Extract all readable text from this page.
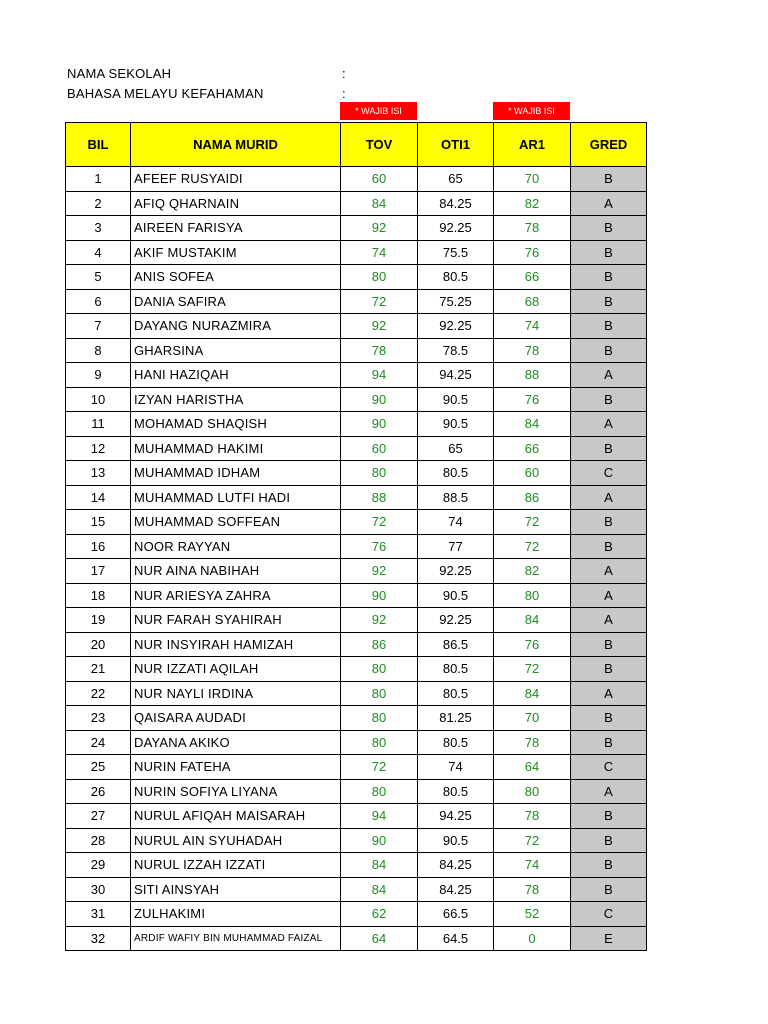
NAMA SEKOLAH	:
BAHASA MELAYU KEFAHAMAN	:
* WAJIB ISI	* WAJIB ISI
BIL	NAMA MURID	TOV	OTI1	AR1	GRED
1	AFEEF RUSYAIDI	60	65	70	B
2	AFIQ QHARNAIN	84	84.25	82	A
3	AIREEN FARISYA	92	92.25	78	B
4	AKIF MUSTAKIM	74	75.5	76	B
5	ANIS SOFEA	80	80.5	66	B
6	DANIA SAFIRA	72	75.25	68	B
7	DAYANG NURAZMIRA	92	92.25	74	B
8	GHARSINA	78	78.5	78	B
9	HANI HAZIQAH	94	94.25	88	A
10	IZYAN HARISTHA	90	90.5	76	B
11	MOHAMAD SHAQISH	90	90.5	84	A
12	MUHAMMAD HAKIMI	60	65	66	B
13	MUHAMMAD IDHAM	80	80.5	60	C
14	MUHAMMAD LUTFI HADI	88	88.5	86	A
15	MUHAMMAD SOFFEAN	72	74	72	B
16	NOOR RAYYAN	76	77	72	B
17	NUR AINA NABIHAH	92	92.25	82	A
18	NUR ARIESYA ZAHRA	90	90.5	80	A
19	NUR FARAH SYAHIRAH	92	92.25	84	A
20	NUR INSYIRAH HAMIZAH	86	86.5	76	B
21	NUR IZZATI AQILAH	80	80.5	72	B
22	NUR NAYLI IRDINA	80	80.5	84	A
23	QAISARA AUDADI	80	81.25	70	B
24	DAYANA AKIKO	80	80.5	78	B
25	NURIN FATEHA	72	74	64	C
26	NURIN SOFIYA LIYANA	80	80.5	80	A
27	NURUL AFIQAH MAISARAH	94	94.25	78	B
28	NURUL AIN SYUHADAH	90	90.5	72	B
29	NURUL IZZAH IZZATI	84	84.25	74	B
30	SITI AINSYAH	84	84.25	78	B
31	ZULHAKIMI	62	66.5	52	C
32	ARDIF WAFIY BIN MUHAMMAD FAIZAL	64	64.5	0	E
